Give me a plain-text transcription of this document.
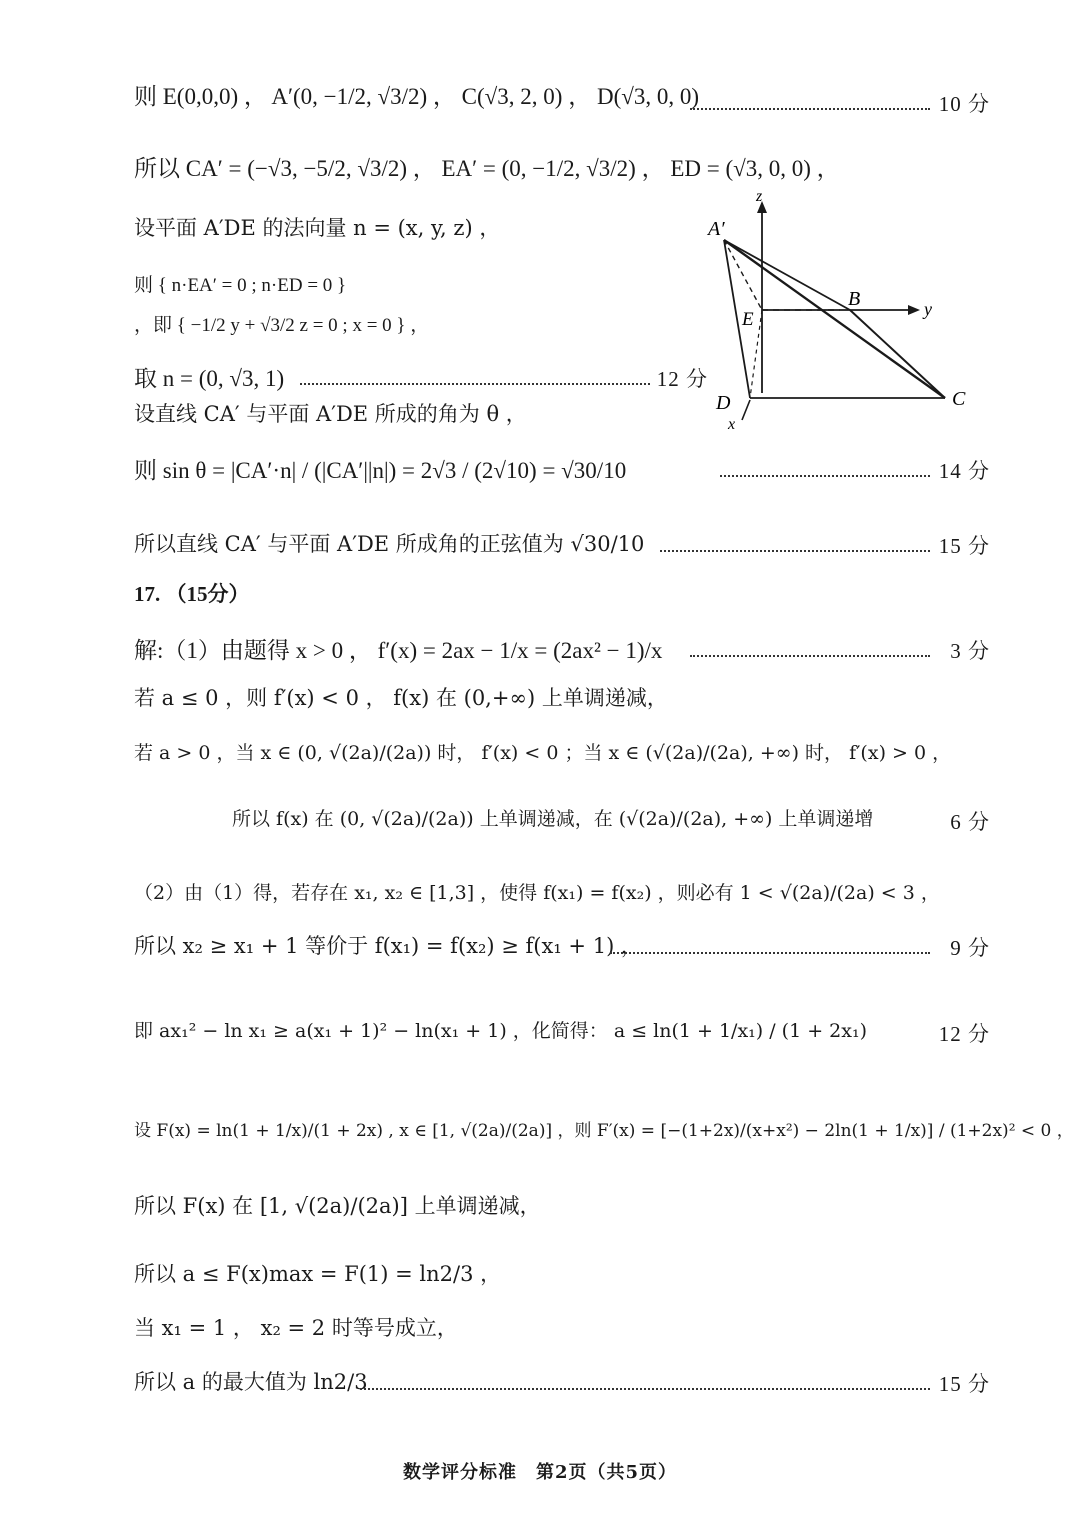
则 E(0,0,0) ， A′(0, −1/2, √3/2) ， C(√3, 2, 0) ， D(√3, 0, 0)	10 分
所以 CA′ = (−√3, −5/2, √3/2) ， EA′ = (0, −1/2, √3/2) ， ED = (√3, 0, 0) ，
设平面 A′DE 的法向量 n = (x, y, z) ，
则 { n·EA′ = 0 ; n·ED = 0 }
，即 { −1/2 y + √3/2 z = 0 ; x = 0 } ，
取 n = (0, √3, 1)	12 分
设直线 CA′ 与平面 A′DE 所成的角为 θ ，
则 sin θ = |CA′·n| / (|CA′||n|) = 2√3 / (2√10) = √30/10	14 分
所以直线 CA′ 与平面 A′DE 所成角的正弦值为 √30/10	15 分
17. （15分）
解:（1）由题得 x > 0 ， f′(x) = 2ax − 1/x = (2ax² − 1)/x	3 分
若 a ≤ 0 ，则 f′(x) < 0 ， f(x) 在 (0,+∞) 上单调递减，
若 a > 0 ，当 x ∈ (0, √(2a)/(2a)) 时， f′(x) < 0 ；当 x ∈ (√(2a)/(2a), +∞) 时， f′(x) > 0 ，
所以 f(x) 在 (0, √(2a)/(2a)) 上单调递减，在 (√(2a)/(2a), +∞) 上单调递增	6 分
（2）由（1）得，若存在 x₁, x₂ ∈ [1,3] ，使得 f(x₁) = f(x₂) ，则必有 1 < √(2a)/(2a) < 3 ，
所以 x₂ ≥ x₁ + 1 等价于 f(x₁) = f(x₂) ≥ f(x₁ + 1) ，	9 分
即 ax₁² − ln x₁ ≥ a(x₁ + 1)² − ln(x₁ + 1) ，化简得： a ≤ ln(1 + 1/x₁) / (1 + 2x₁)	12 分
设 F(x) = ln(1 + 1/x)/(1 + 2x) , x ∈ [1, √(2a)/(2a)] ，则 F′(x) = [−(1+2x)/(x+x²) − 2ln(1 + 1/x)] / (1+2x)² < 0 ，
所以 F(x) 在 [1, √(2a)/(2a)] 上单调递减，
所以 a ≤ F(x)max = F(1) = ln2/3 ，
当 x₁ = 1 ， x₂ = 2 时等号成立，
所以 a 的最大值为 ln2/3	15 分
A′
z
B	y
E
D	C
x
数学评分标准　第2页（共5页）
